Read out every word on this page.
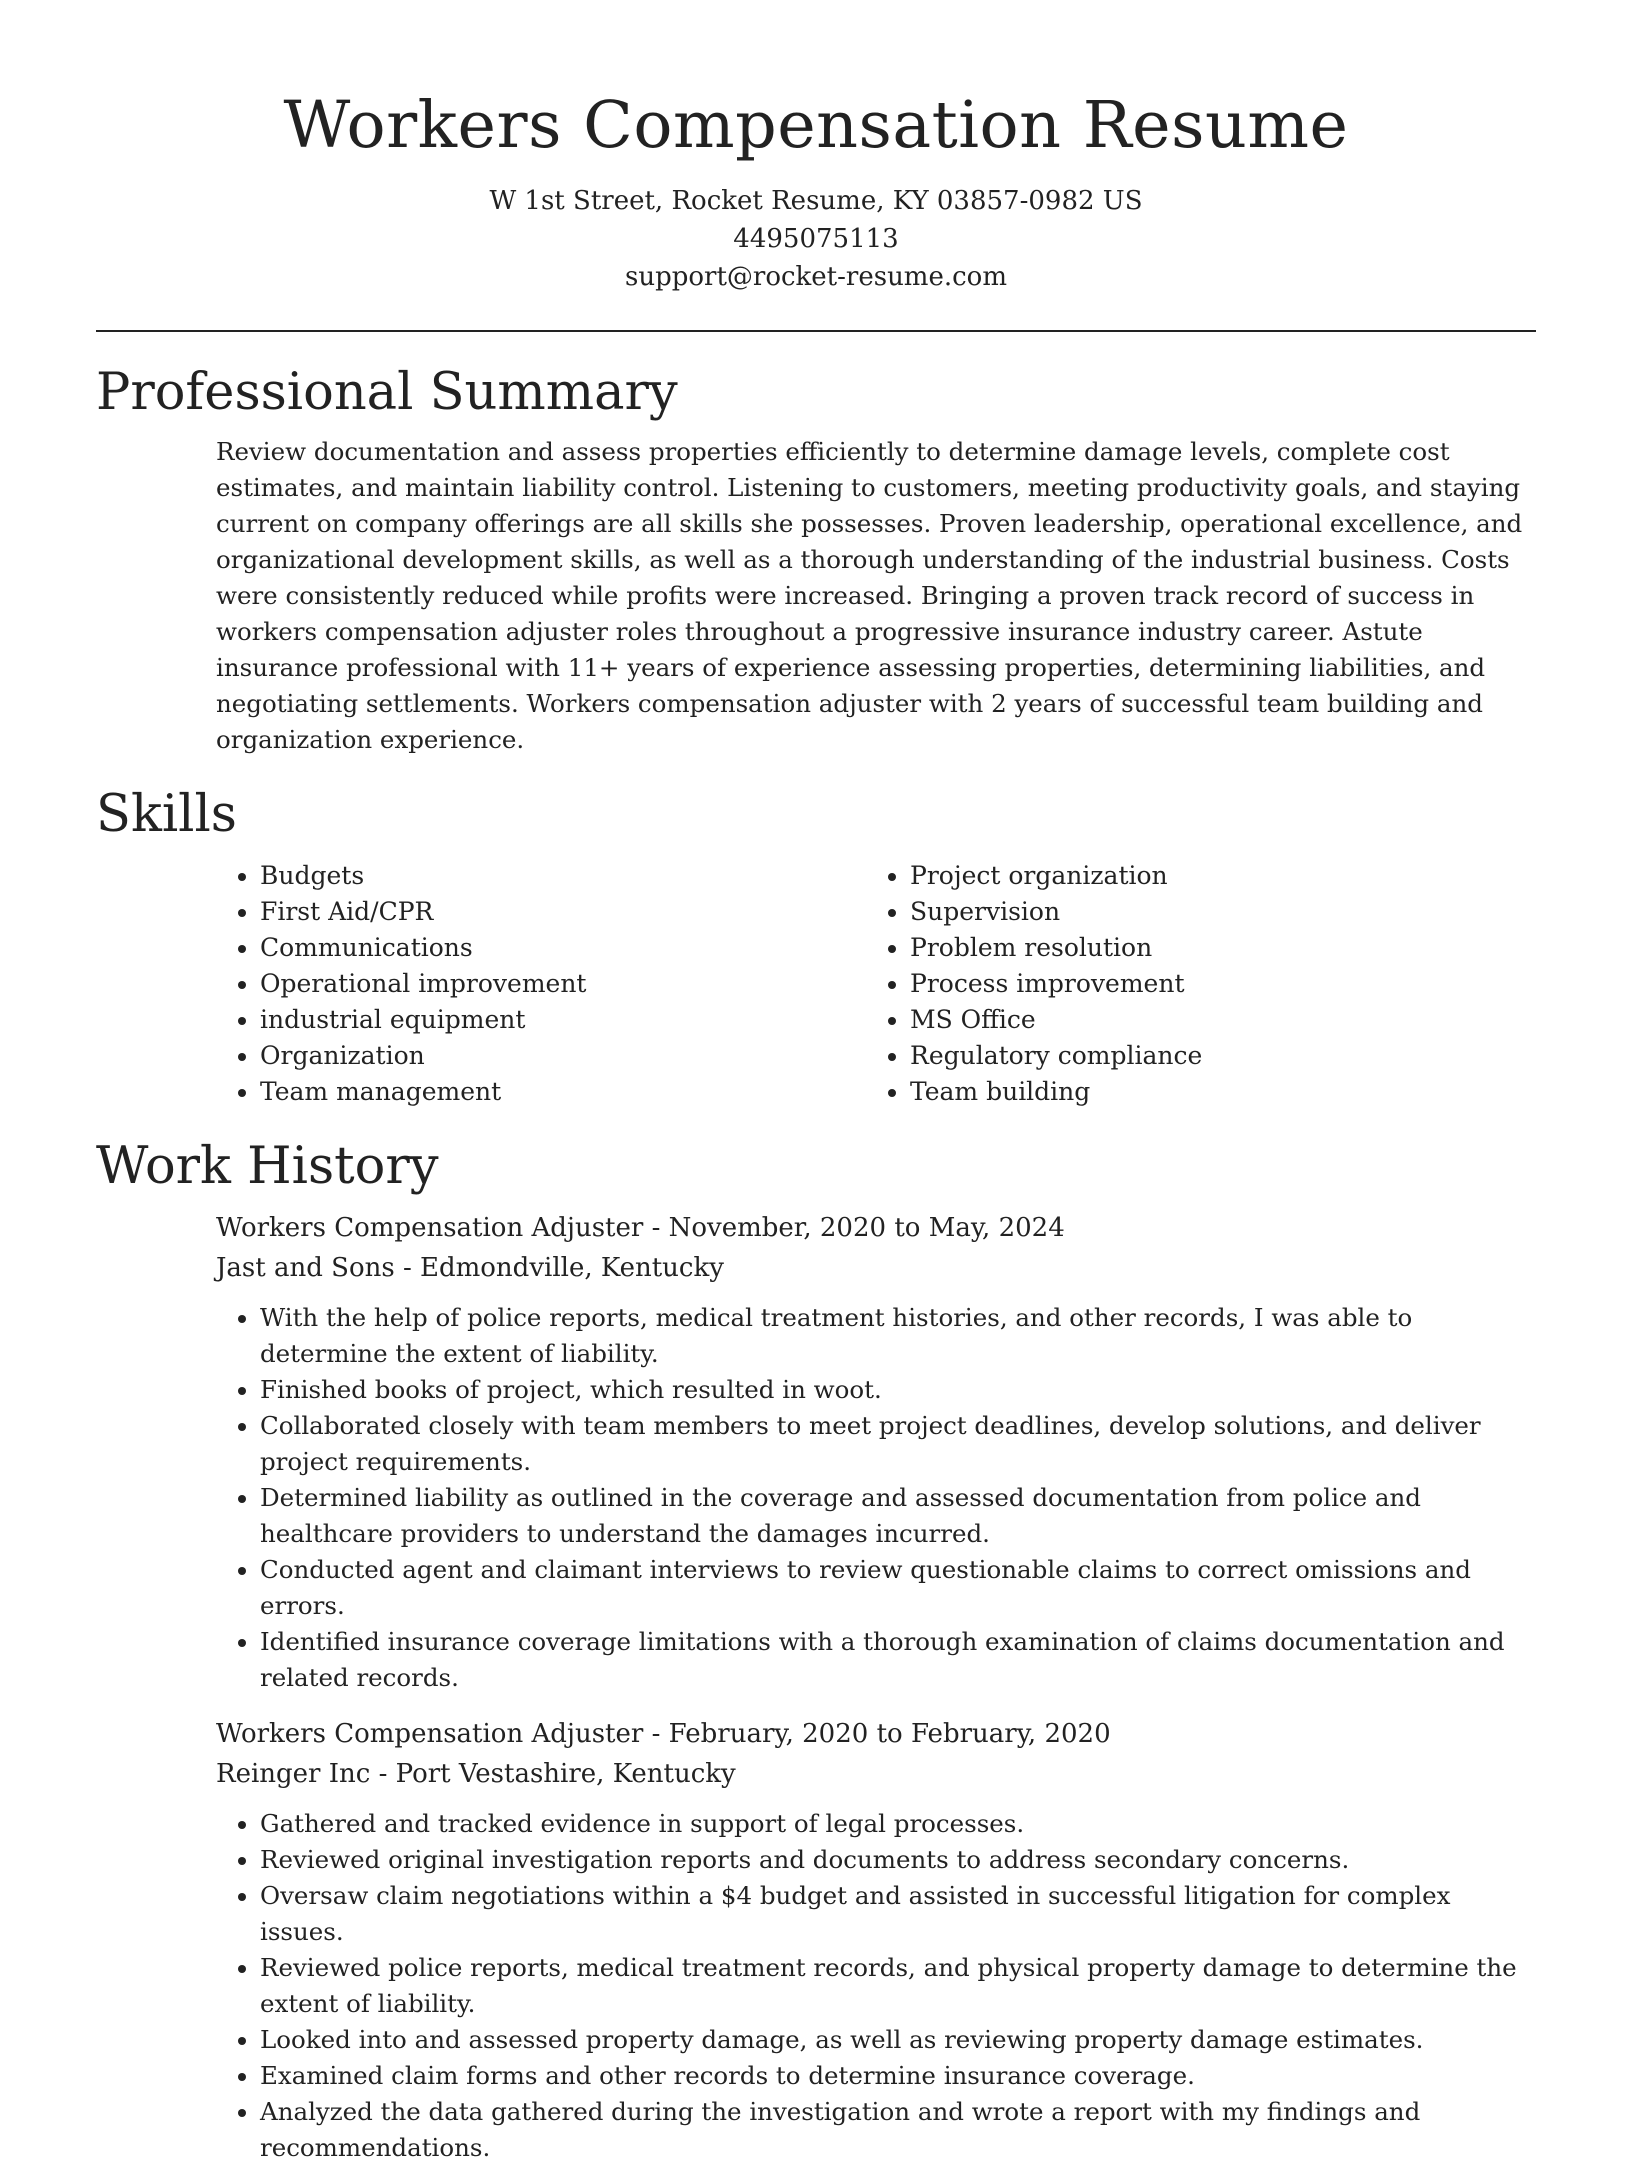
Workers Compensation Resume

W 1st Street, Rocket Resume, KY 03857-0982 US

4495075113

support@rocket-resume.com

Professional Summary

Review documentation and assess properties efficiently to determine damage levels, complete cost estimates, and maintain liability control. Listening to customers, meeting productivity goals, and staying current on company offerings are all skills she possesses. Proven leadership, operational excellence, and organizational development skills, as well as a thorough understanding of the industrial business. Costs were consistently reduced while profits were increased. Bringing a proven track record of success in workers compensation adjuster roles throughout a progressive insurance industry career. Astute insurance professional with 11+ years of experience assessing properties, determining liabilities, and negotiating settlements. Workers compensation adjuster with 2 years of successful team building and organization experience.

Skills
• Budgets
• First Aid/CPR
• Communications
• Operational improvement
• industrial equipment
• Organization
• Team management
• Project organization
• Supervision
• Problem resolution
• Process improvement
• MS Office
• Regulatory compliance
• Team building
Work History
Workers Compensation Adjuster - November, 2020 to May, 2024
Jast and Sons - Edmondville, Kentucky
• With the help of police reports, medical treatment histories, and other records, I was able to determine the extent of liability.
• Finished books of project, which resulted in woot.
• Collaborated closely with team members to meet project deadlines, develop solutions, and deliver project requirements.
• Determined liability as outlined in the coverage and assessed documentation from police and healthcare providers to understand the damages incurred.
• Conducted agent and claimant interviews to review questionable claims to correct omissions and errors.
• Identified insurance coverage limitations with a thorough examination of claims documentation and related records.
Workers Compensation Adjuster - February, 2020 to February, 2020
Reinger Inc - Port Vestashire, Kentucky
• Gathered and tracked evidence in support of legal processes.
• Reviewed original investigation reports and documents to address secondary concerns.
• Oversaw claim negotiations within a $4 budget and assisted in successful litigation for complex issues.
• Reviewed police reports, medical treatment records, and physical property damage to determine the extent of liability.
• Looked into and assessed property damage, as well as reviewing property damage estimates.
• Examined claim forms and other records to determine insurance coverage.
• Analyzed the data gathered during the investigation and wrote a report with my findings and recommendations.
